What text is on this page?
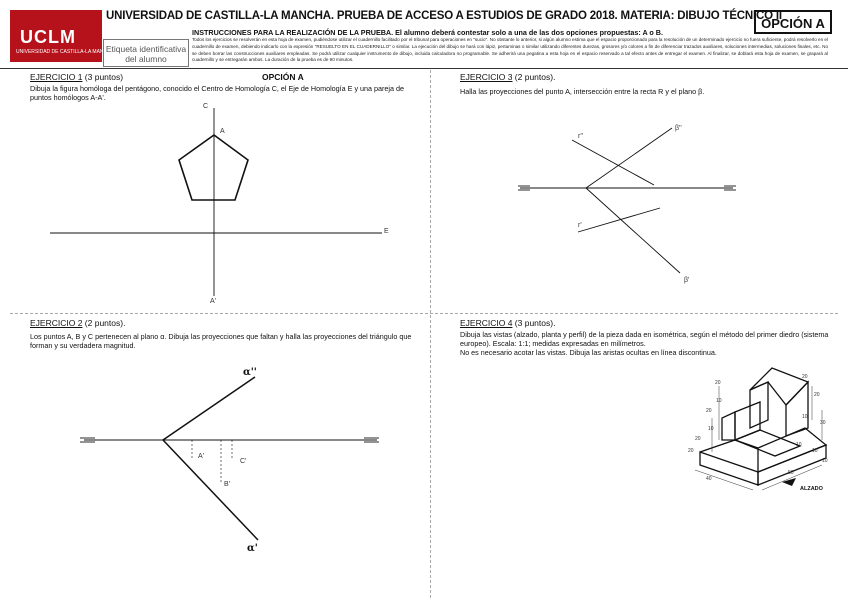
UCLM
UNIVERSIDAD DE CASTILLA-LA MANCHA
UNIVERSIDAD DE CASTILLA-LA MANCHA. PRUEBA DE ACCESO A ESTUDIOS DE GRADO 2018. MATERIA: DIBUJO TÉCNICO II
OPCIÓN A
Etiqueta identificativa
del alumno
INSTRUCCIONES PARA LA REALIZACIÓN DE LA PRUEBA. El alumno deberá contestar solo a una de las dos opciones propuestas: A o B.
Todos los ejercicios se resolverán en esta hoja de examen, pudiéndose utilizar el cuadernillo facilitado por el tribunal para operaciones en "sucio". No obstante lo anterior, si algún alumno estima que el espacio proporcionado para la resolución de un determinado ejercicio no fuera suficiente, podrá resolverlo en el cuadernillo de examen, debiendo indicarlo con la expresión "RESUELTO EN EL CUADERNILLO" o similar. La ejecución del dibujo se hará con lápiz, pertaminas o similar utilizando diferentes durezas, grosores y/o colores a fin de diferenciar trazados auxiliares, soluciones intermedias, soluciones finales, etc. No se deben borrar las construcciones auxiliares empleadas. Se podrá utilizar cualquier instrumento de dibujo, incluida calculadora no programable. Se adherirá una pegatina a esta hoja en el espacio reservado a tal efecto antes de entregar el examen. Al finalizar, se doblará esta hoja de examen, se grapará al cuadernillo y se entregarán ambos. La duración de la prueba es de 90 minutos.
EJERCICIO 1 (3 puntos)	OPCIÓN A
Dibuja la figura homóloga del pentágono, conocido el Centro de Homología C, el Eje de Homología E y una pareja de puntos homólogos A-A'.
EJERCICIO 3 (2 puntos).
Halla las proyecciones del punto A, intersección entre la recta R y el plano β.
EJERCICIO 2 (2 puntos).
Los puntos A, B y C pertenecen al plano α. Dibuja las proyecciones que faltan y halla las proyecciones del triángulo que forman y su verdadera magnitud.
EJERCICIO 4 (3 puntos).
Dibuja las vistas (alzado, planta y perfil) de la pieza dada en isométrica, según el método del primer diedro (sistema europeo). Escala: 1:1; medidas expresadas en milímetros.
No es necesario acotar las vistas. Dibuja las aristas ocultas en línea discontinua.
C
A
A'
E
r''
β''
r'
β'
α''
α'
A'
C'
B'
20
20
10
10
20
20
20
20
10
40
50
30
10
10
10
ALZADO
